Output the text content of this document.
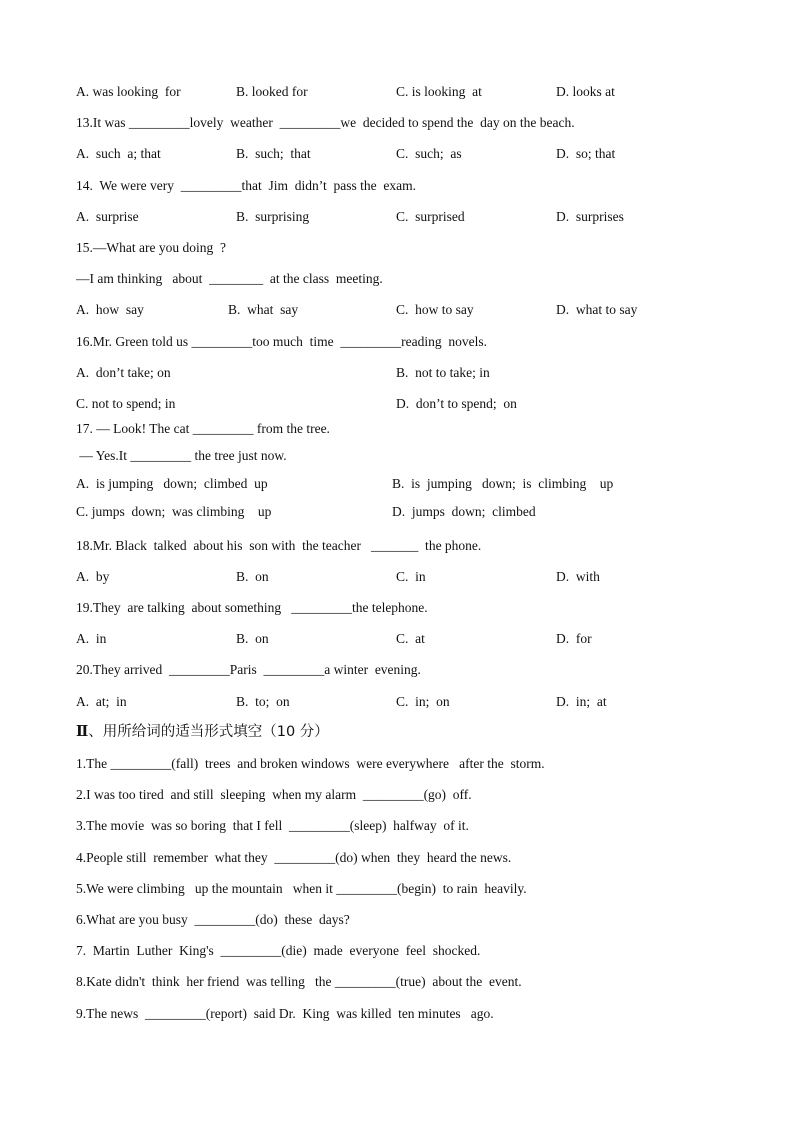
A. was looking  for	B. looked for	C. is looking  at	D. looks at
13.It was _________lovely  weather  _________we  decided to spend the  day on the beach.
A.  such  a; that	B.  such;  that	C.  such;  as	D.  so; that
14.  We were very  _________that  Jim  didn’t  pass the  exam.
A.  surprise	B.  surprising	C.  surprised	D.  surprises
15.—What are you doing  ?
—I am thinking   about  ________  at the class  meeting.
A.  how  say	B.  what  say	C.  how to say	D.  what to say
16.Mr. Green told us _________too much  time  _________reading  novels.
A.  don’t take; on	B.  not to take; in
C. not to spend; in	D.  don’t to spend;  on
17. — Look! The cat _________ from the tree.
— Yes.It _________ the tree just now.
A.  is jumping   down;  climbed  up	B.  is  jumping   down;  is  climbing    up
C. jumps  down;  was climbing    up	D.  jumps  down;  climbed
18.Mr. Black  talked  about his  son with  the teacher   _______  the phone.
A.  by	B.  on	C.  in	D.  with
19.They  are talking  about something   _________the telephone.
A.  in	B.  on	C.  at	D.  for
20.They arrived  _________Paris  _________a winter  evening.
A.  at;  in	B.  to;  on	C.  in;  on	D.  in;  at
Ⅱ、用所给词的适当形式填空（10 分）
1.The _________(fall)  trees  and broken windows  were everywhere   after the  storm.
2.I was too tired  and still  sleeping  when my alarm  _________(go)  off.
3.The movie  was so boring  that I fell  _________(sleep)  halfway  of it.
4.People still  remember  what they  _________(do) when  they  heard the news.
5.We were climbing   up the mountain   when it _________(begin)  to rain  heavily.
6.What are you busy  _________(do)  these  days?
7.  Martin  Luther  King's  _________(die)  made  everyone  feel  shocked.
8.Kate didn't  think  her friend  was telling   the _________(true)  about the  event.
9.The news  _________(report)  said Dr.  King  was killed  ten minutes   ago.
